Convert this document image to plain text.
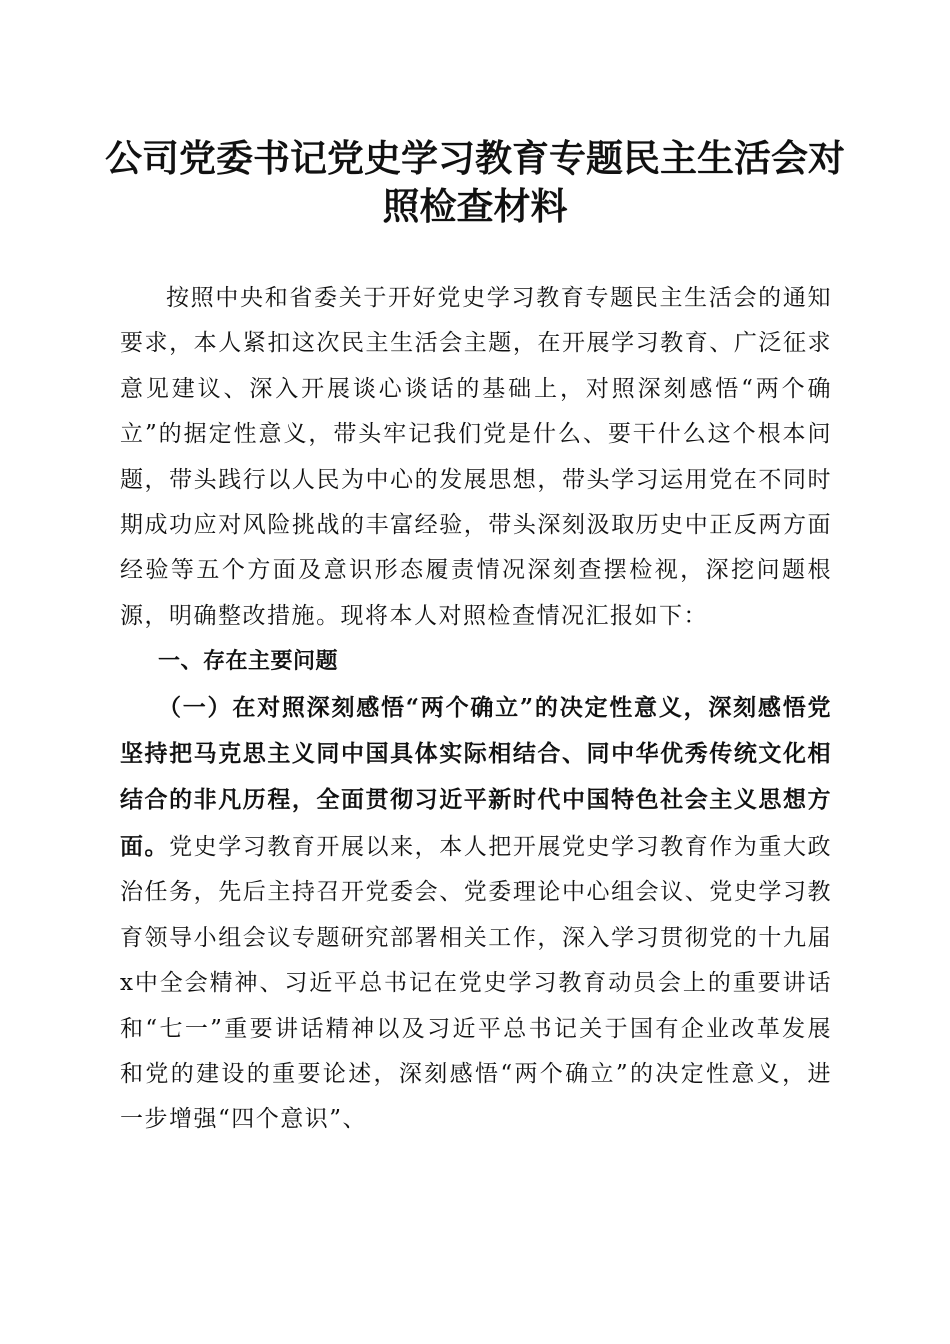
公司党委书记党史学习教育专题民主生活会对
照检查材料

按照中央和省委关于开好党史学习教育专题民主生活会的通知要求，本人紧扣这次民主生活会主题，在开展学习教育、广泛征求意见建议、深入开展谈心谈话的基础上，对照深刻感悟“两个确立”的据定性意义，带头牢记我们党是什么、要干什么这个根本问题，带头践行以人民为中心的发展思想，带头学习运用党在不同时期成功应对风险挑战的丰富经验，带头深刻汲取历史中正反两方面经验等五个方面及意识形态履责情况深刻查摆检视，深挖问题根源，明确整改措施。现将本人对照检查情况汇报如下：

一、存在主要问题

（一）在对照深刻感悟“两个确立”的决定性意义，深刻感悟党坚持把马克思主义同中国具体实际相结合、同中华优秀传统文化相结合的非凡历程，全面贯彻习近平新时代中国特色社会主义思想方面。党史学习教育开展以来，本人把开展党史学习教育作为重大政治任务，先后主持召开党委会、党委理论中心组会议、党史学习教育领导小组会议专题研究部署相关工作，深入学习贯彻党的十九届x中全会精神、习近平总书记在党史学习教育动员会上的重要讲话和“七一”重要讲话精神以及习近平总书记关于国有企业改革发展和党的建设的重要论述，深刻感悟“两个确立”的决定性意义，进一步增强“四个意识”、
